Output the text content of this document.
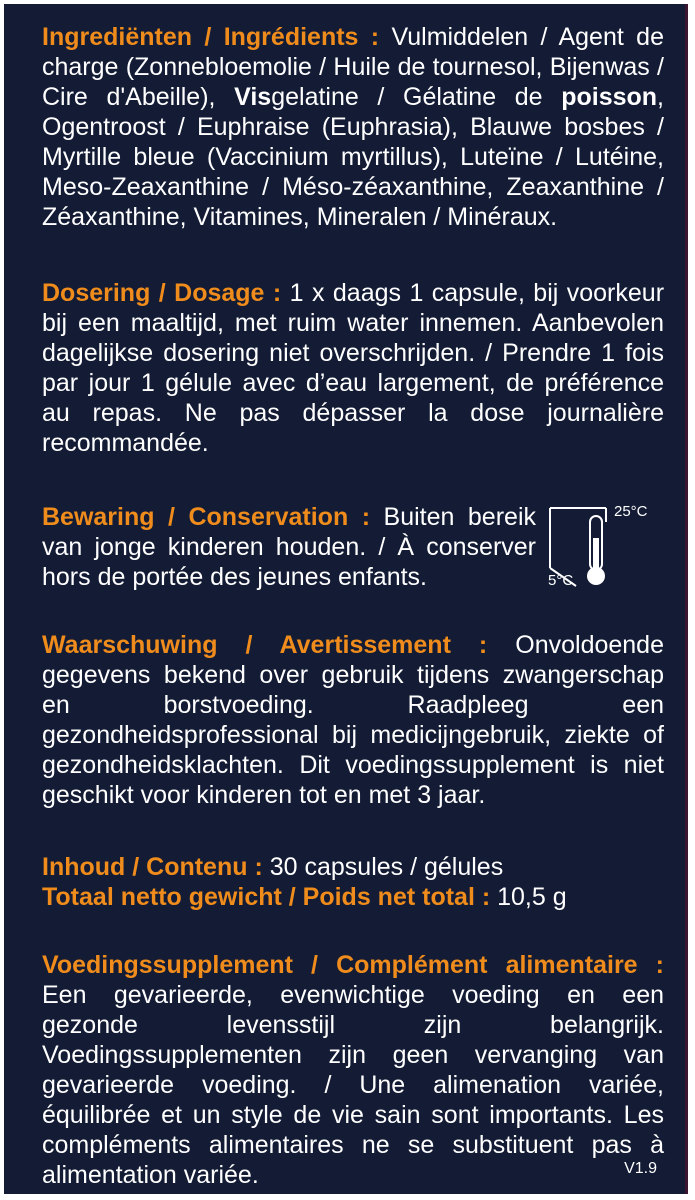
Ingrediënten / Ingrédients : Vulmiddelen / Agent de charge (Zonnebloemolie / Huile de tournesol, Bijenwas / Cire d'Abeille), Visgelatine / Gélatine de poisson, Ogentroost / Euphraise (Euphrasia), Blauwe bosbes / Myrtille bleue (Vaccinium myrtillus), Luteïne / Lutéine, Meso-Zeaxanthine / Méso-zéaxanthine, Zeaxanthine / Zéaxanthine, Vitamines, Mineralen / Minéraux.

Dosering / Dosage : 1 x daags 1 capsule, bij voorkeur bij een maaltijd, met ruim water innemen. Aanbevolen dagelijkse dosering niet overschrijden. / Prendre 1 fois par jour 1 gélule avec d’eau largement, de préférence au repas. Ne pas dépasser la dose journalière recommandée.

Bewaring / Conservation : Buiten bereik van jonge kinderen houden. / À conserver hors de portée des jeunes enfants.

25°C
5°C

Waarschuwing / Avertissement : Onvoldoende gegevens bekend over gebruik tijdens zwangerschap en borstvoeding. Raadpleeg een gezondheidsprofessional bij medicijngebruik, ziekte of gezondheidsklachten. Dit voedingssupplement is niet geschikt voor kinderen tot en met 3 jaar.

Inhoud / Contenu : 30 capsules / gélules

Totaal netto gewicht / Poids net total : 10,5 g

Voedingssupplement / Complément alimentaire : Een gevarieerde, evenwichtige voeding en een gezonde levensstijl zijn belangrijk. Voedingssupplementen zijn geen vervanging van gevarieerde voeding. / Une alimenation variée, équilibrée et un style de vie sain sont importants. Les compléments alimentaires ne se substituent pas à alimentation variée.	V1.9
